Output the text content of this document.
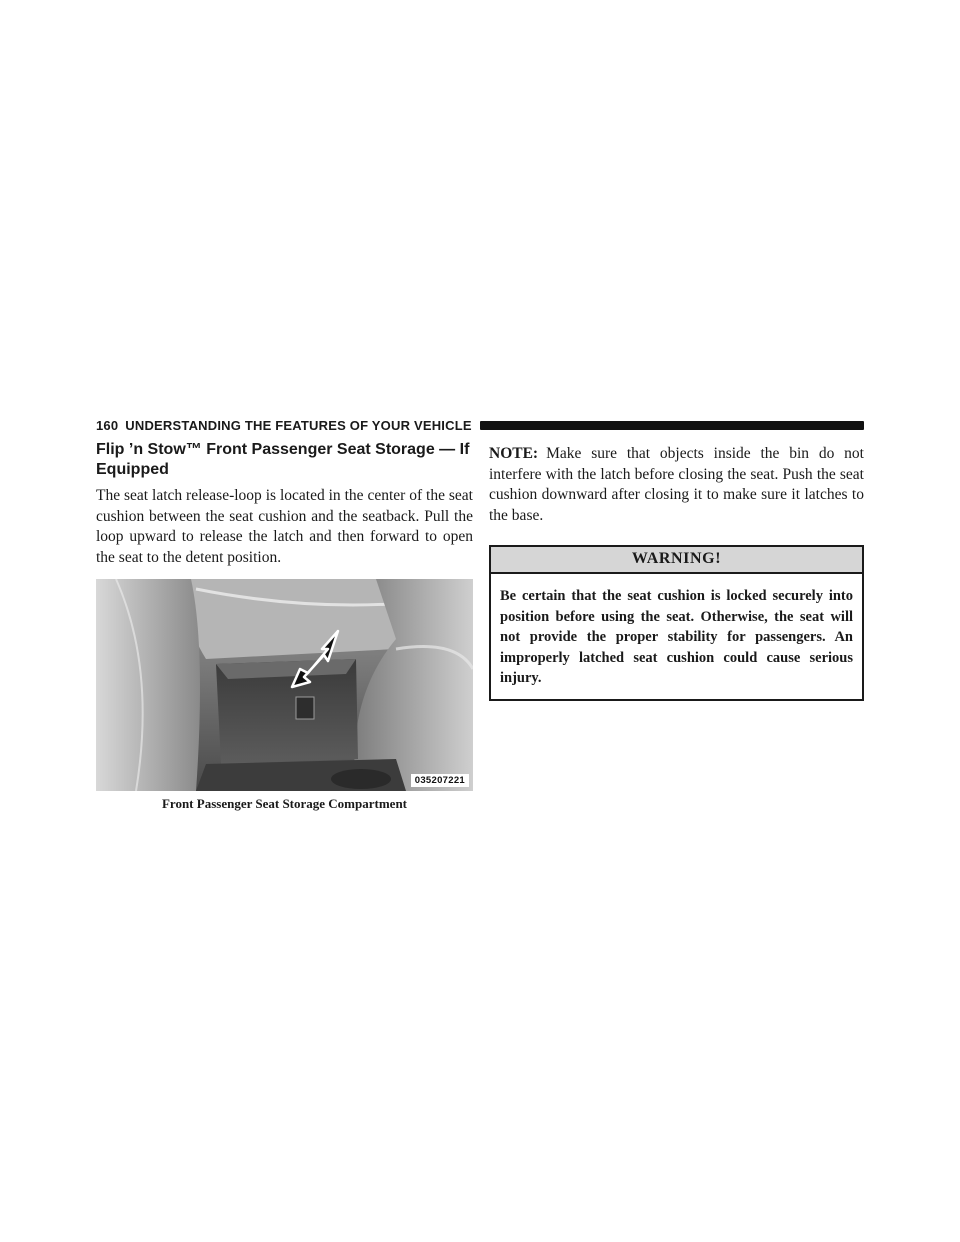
160 UNDERSTANDING THE FEATURES OF YOUR VEHICLE
Flip ’n Stow™ Front Passenger Seat Storage — If Equipped

The seat latch release-loop is located in the center of the seat cushion between the seat cushion and the seatback. Pull the loop upward to release the latch and then forward to open the seat to the detent position.

035207221
Front Passenger Seat Storage Compartment

NOTE: Make sure that objects inside the bin do not interfere with the latch before closing the seat. Push the seat cushion downward after closing it to make sure it latches to the base.

WARNING!
Be certain that the seat cushion is locked securely into position before using the seat. Otherwise, the seat will not provide the proper stability for passengers. An improperly latched seat cushion could cause serious injury.
